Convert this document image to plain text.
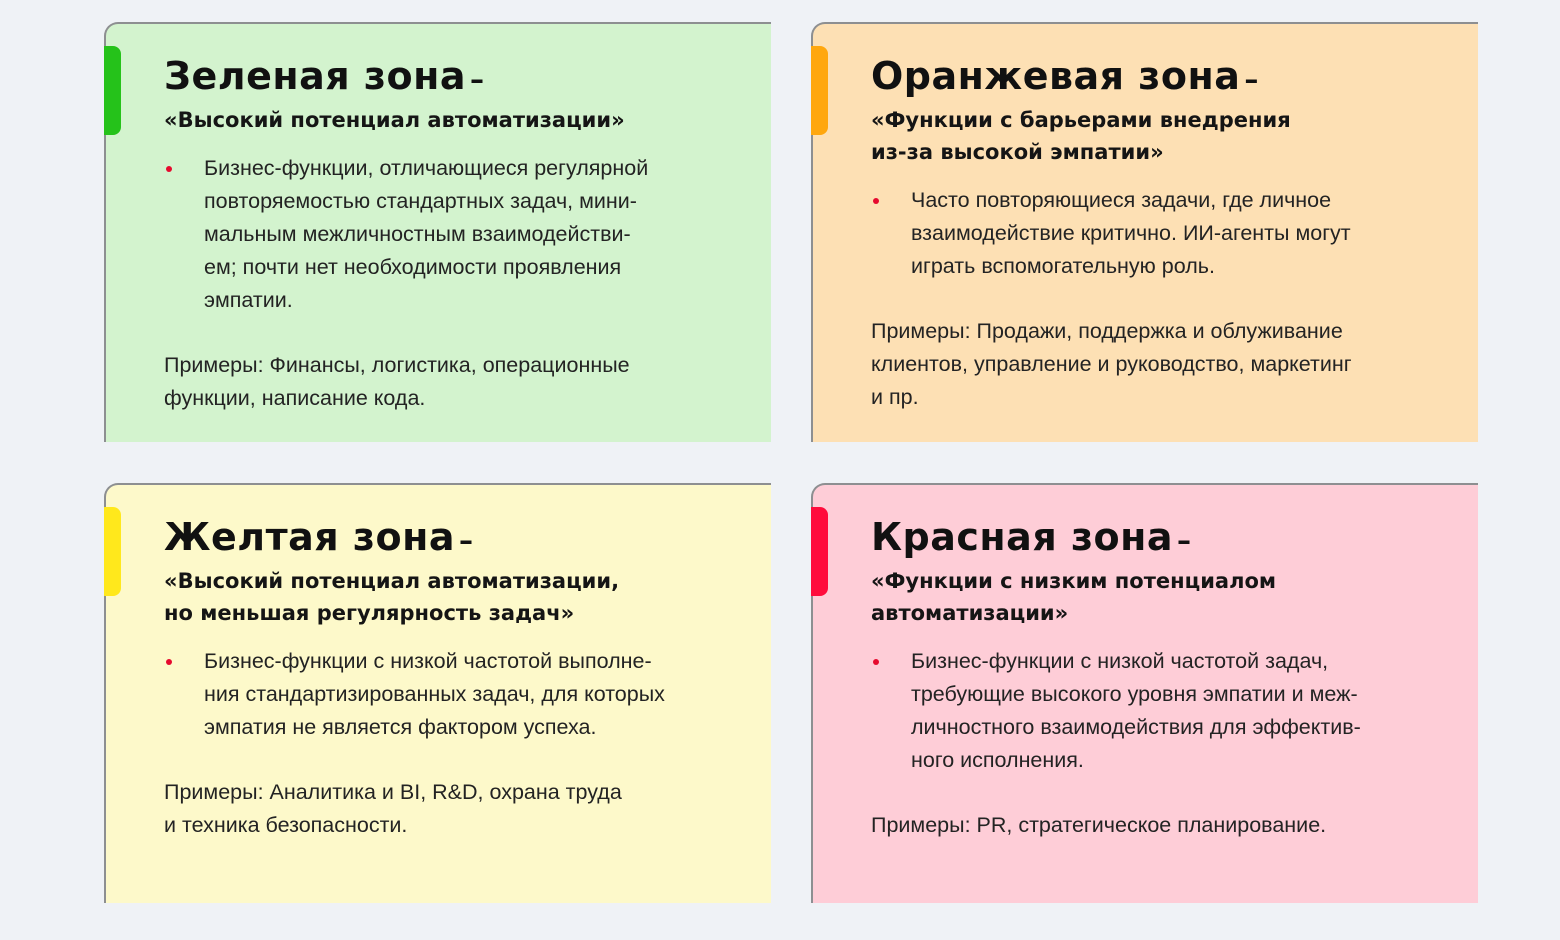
Зеленая зона –

«Высокий потенциал автоматизации»

Бизнес-функции, отличающиеся регулярной
повторяемостью стандартных задач, мини-
мальным межличностным взаимодействи-
ем; почти нет необходимости проявления
эмпатии.
Примеры: Финансы, логистика, операционные
функции, написание кода.
Оранжевая зона –

«Функции с барьерами внедрения
из-за высокой эмпатии»

Часто повторяющиеся задачи, где личное
взаимодействие критично. ИИ-агенты могут
играть вспомогательную роль.
Примеры: Продажи, поддержка и облуживание
клиентов, управление и руководство, маркетинг
и пр.
Желтая зона –

«Высокий потенциал автоматизации,
но меньшая регулярность задач»

Бизнес-функции с низкой частотой выполне-
ния стандартизированных задач, для которых
эмпатия не является фактором успеха.
Примеры: Аналитика и BI, R&D, охрана труда
и техника безопасности.
Красная зона –

«Функции с низким потенциалом
автоматизации»

Бизнес-функции с низкой частотой задач,
требующие высокого уровня эмпатии и меж-
личностного взаимодействия для эффектив-
ного исполнения.
Примеры: PR, стратегическое планирование.
